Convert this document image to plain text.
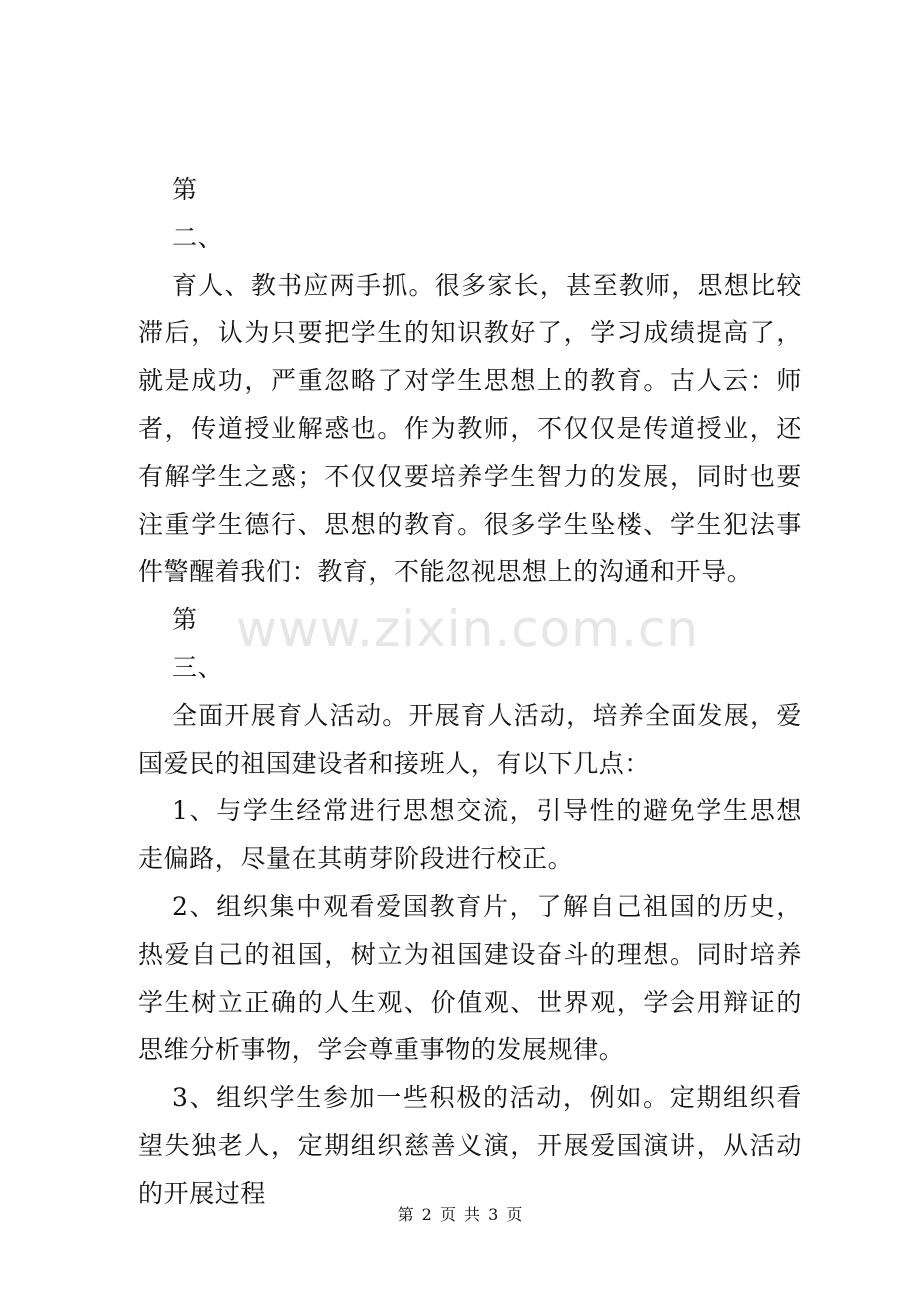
第

二、

育人、教书应两手抓。很多家长，甚至教师，思想比较滞后，认为只要把学生的知识教好了，学习成绩提高了，就是成功，严重忽略了对学生思想上的教育。古人云：师者，传道授业解惑也。作为教师，不仅仅是传道授业，还有解学生之惑；不仅仅要培养学生智力的发展，同时也要注重学生德行、思想的教育。很多学生坠楼、学生犯法事件警醒着我们：教育，不能忽视思想上的沟通和开导。

第

三、

全面开展育人活动。开展育人活动，培养全面发展，爱国爱民的祖国建设者和接班人，有以下几点：

1、与学生经常进行思想交流，引导性的避免学生思想走偏路，尽量在其萌芽阶段进行校正。

2、组织集中观看爱国教育片，了解自己祖国的历史，热爱自己的祖国，树立为祖国建设奋斗的理想。同时培养学生树立正确的人生观、价值观、世界观，学会用辩证的思维分析事物，学会尊重事物的发展规律。

3、组织学生参加一些积极的活动，例如。定期组织看望失独老人，定期组织慈善义演，开展爱国演讲，从活动的开展过程

www.zixin.com.cn
第 2 页 共 3 页
